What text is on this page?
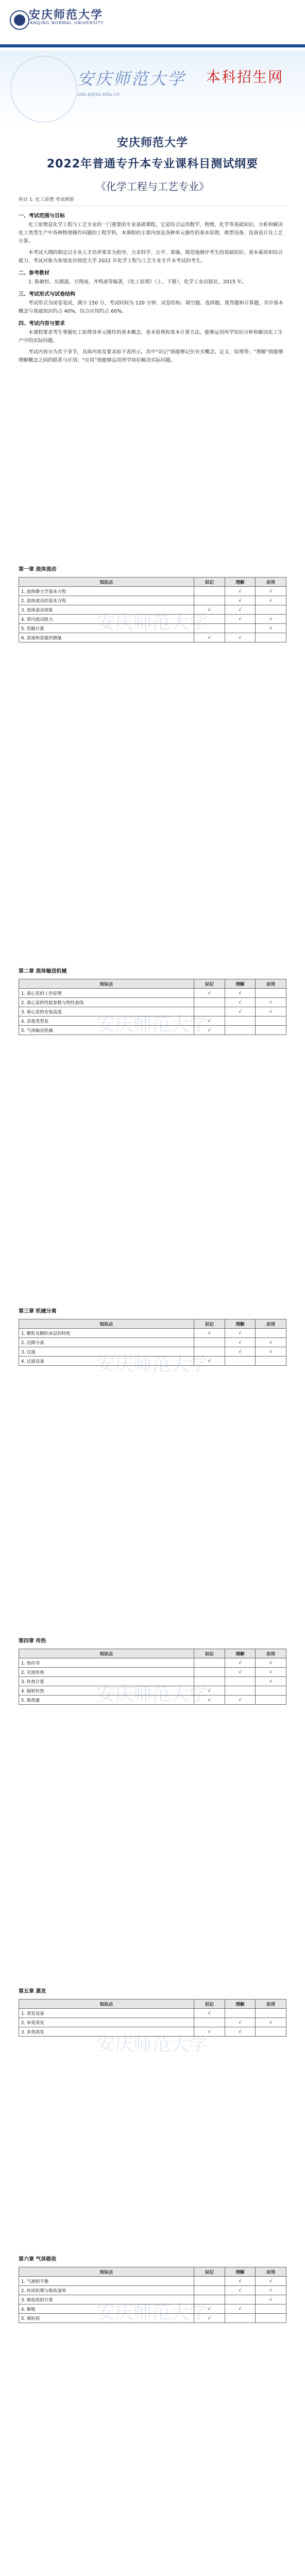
安庆师范大学
ANQING NORMAL UNIVERSITY
安庆师范大学 本科招生网
zsb.aqnu.edu.cn
安庆师范大学
2022年普通专升本专业课科目测试纲要
《化学工程与工艺专业》
科目 1: 化工原理 考试纲要
一、考试范围与目标

化工原理是化学工程与工艺专业的一门重要的专业基础课程，它是综合运用数学、物理、化学等基础知识，分析和解决化工类型生产中各种物理操作问题的工程学科，本课程的主要内容是各种单元操作的基本原理、典型设备、设备设计及工艺计算。

本考试大纲的制定以专业人才培养要求为指导，力求科学、公平、准确、规范地测评考生的基础知识、基本素质和综合能力，考试对象为参加安庆师范大学 2022 年化学工程与工艺专业专升本考试的考生。

二、参考教材

1. 陈敏恒、丛德滋、方图南、齐鸣斋等编著，《化工原理》（上、下册），化学工业出版社，2015 年。

三、考试形式与试卷结构

考试形式为闭卷笔试，满分 150 分，考试时间为 120 分钟。试卷结构：填空题、选择题、简答题和计算题，其中基本概念与基础知识约占 40%，综合应用约占 60%。

四、考试内容与要求

本课程要求考生掌握化工原理各单元操作的基本概念、基本原理和基本计算方法，能够运用所学知识分析和解决化工生产中的实际问题。

考试内容分为若干章节，具体内容及要求如下表所示，其中“识记”指能够记住有关概念、定义、原理等；“理解”指能够理解概念之间的联系与区别；“应用”指能够运用所学知识解决实际问题。

第一章 流体流动
安庆师范大学
知识点	识记	理解	应用
1. 流体静力学基本方程		√	√
2. 流体流动的基本方程		√	√
3. 流体流动现象	√	√	
4. 管内流动阻力		√	√
5. 管路计算			√
6. 流速和流量的测量	√	√	
第二章 流体输送机械
安庆师范大学
知识点	识记	理解	应用
1. 离心泵的工作原理	√	√	
2. 离心泵的性能参数与特性曲线		√	√
3. 离心泵的安装高度		√	√
4. 其他类型泵	√		
5. 气体输送机械	√		
第三章 机械分离
安庆师范大学
知识点	识记	理解	应用
1. 颗粒及颗粒床层的特性	√	√	
2. 沉降分离		√	√
3. 过滤		√	√
4. 过滤设备	√		
第四章 传热
安庆师范大学
知识点	识记	理解	应用
1. 热传导		√	√
2. 对流传热		√	√
3. 传热计算			√
4. 辐射传热	√		
5. 换热器	√	√	
第五章 蒸发
安庆师范大学
知识点	识记	理解	应用
1. 蒸发设备	√		
2. 单效蒸发		√	√
3. 多效蒸发	√	√	
第六章 气体吸收
安庆师范大学
知识点	识记	理解	应用
1. 气液相平衡		√	√
2. 传质机理与吸收速率		√	√
3. 吸收塔的计算			√
4. 解吸	√	√	
5. 填料塔	√		
